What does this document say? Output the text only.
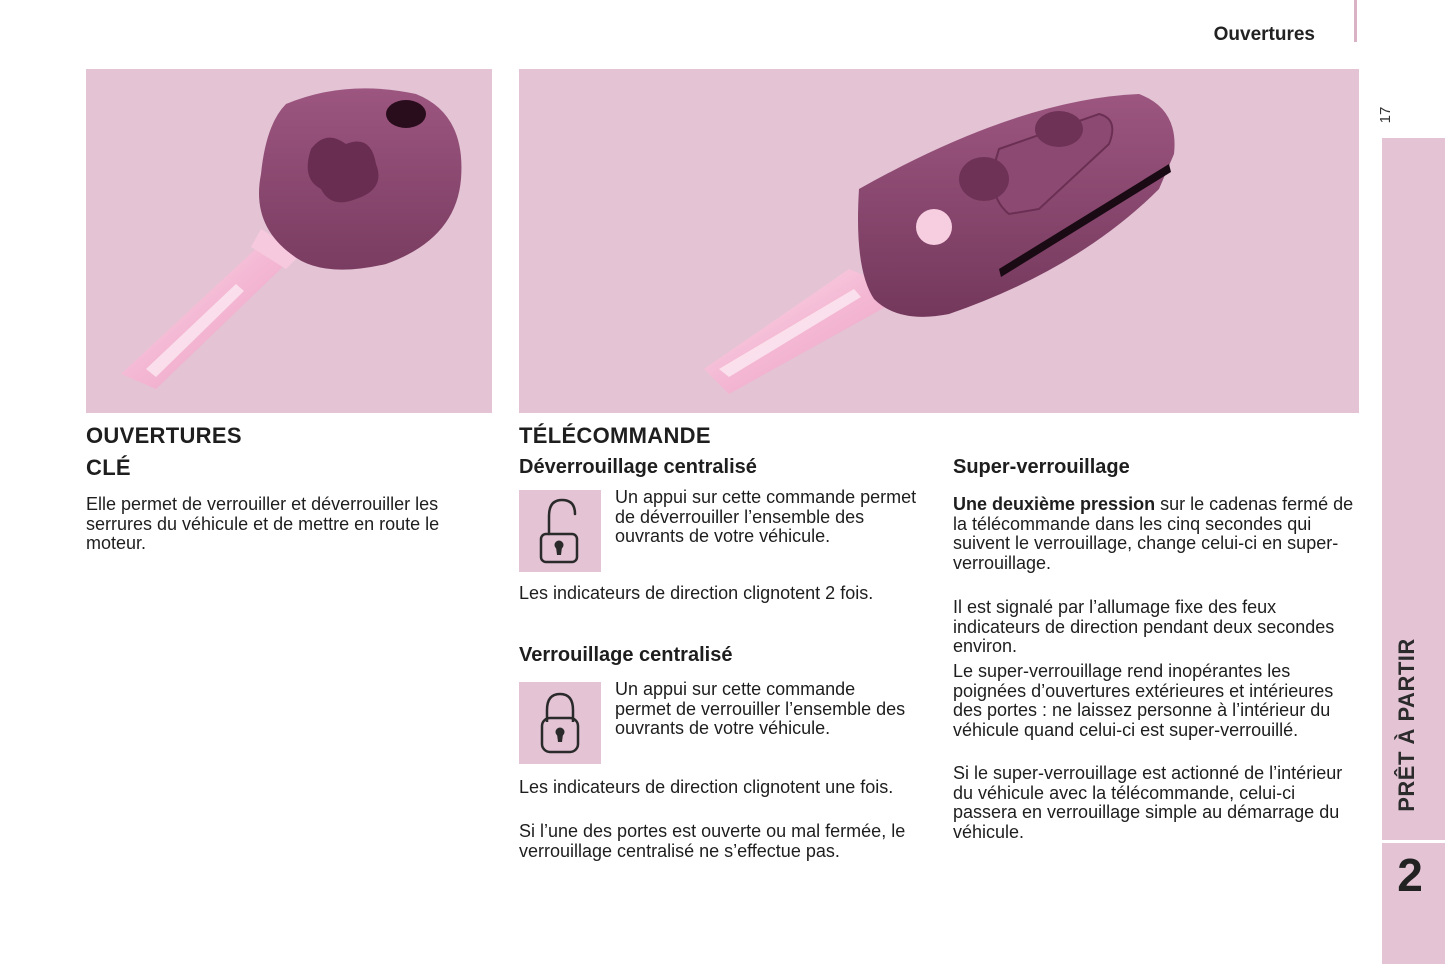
Ouvertures
17
PRÊT À PARTIR
2
OUVERTURES
CLÉ
Elle permet de verrouiller et déverrouiller les serrures du véhicule et de mettre en route le moteur.
TÉLÉCOMMANDE
Déverrouillage centralisé
Un appui sur cette commande permet de déverrouiller l’ensemble des ouvrants de votre véhicule.
Les indicateurs de direction clignotent 2 fois.
Verrouillage centralisé
Un appui sur cette commande permet de verrouiller l’ensemble des ouvrants de votre véhicule.
Les indicateurs de direction clignotent une fois.
Si l’une des portes est ouverte ou mal fermée, le verrouillage centralisé ne s’effectue pas.
Super-verrouillage
Une deuxième pression sur le cadenas fermé de la télécommande dans les cinq secondes qui suivent le verrouillage, change celui-ci en super-verrouillage.
Il est signalé par l’allumage fixe des feux indicateurs de direction pendant deux secondes environ.
Le super-verrouillage rend inopérantes les poignées d’ouvertures extérieures et intérieures des portes : ne laissez personne à l’intérieur du véhicule quand celui-ci est super-verrouillé.
Si le super-verrouillage est actionné de l’intérieur du véhicule avec la télécommande, celui-ci passera en verrouillage simple au démarrage du véhicule.
